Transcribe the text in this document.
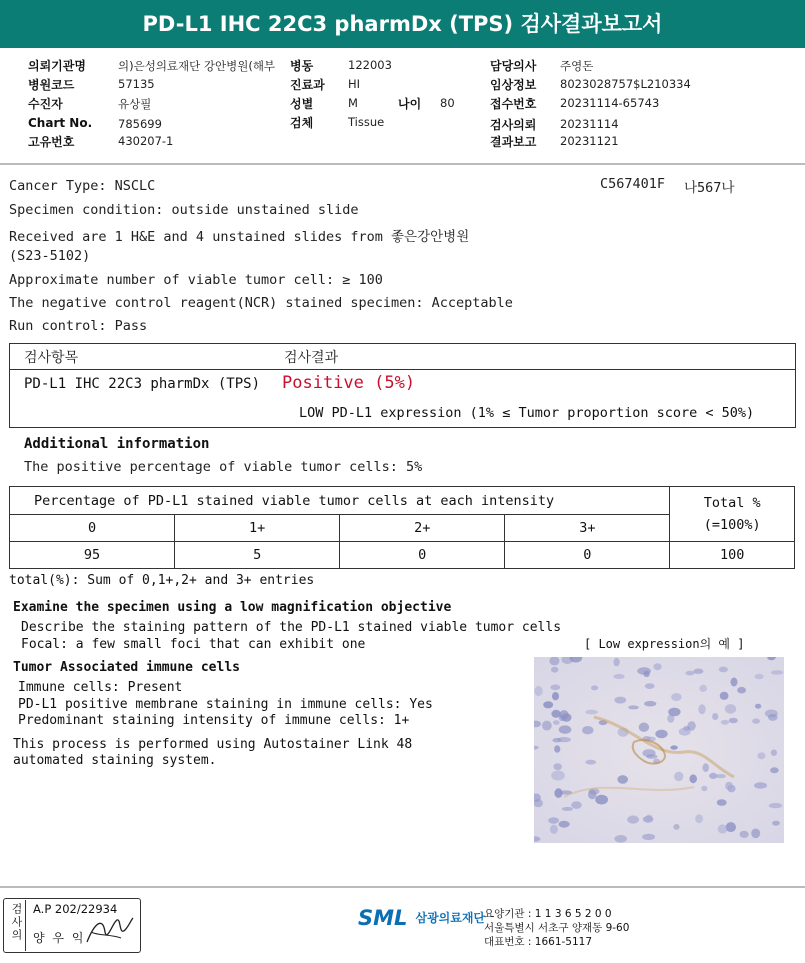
PD-L1 IHC 22C3 pharmDx (TPS) 검사결과보고서
의뢰기관명	의)은성의료재단 강안병원(해부
병원코드	57135
수진자	유상필
Chart No. 785699
고유번호	430207-1
병동	122003
진료과 HI
성별	M	나이 80
검체	Tissue
담당의사 주영돈
임상정보 8023028757$L210334
접수번호 20231114-65743
검사의뢰 20231114
결과보고 20231121
Cancer Type: NSCLC	C567401F 나567나
Specimen condition: outside unstained slide
Received are 1 H&E and 4 unstained slides from 좋은강안병원
(S23-5102)
Approximate number of viable tumor cell: ≥ 100
The negative control reagent(NCR) stained specimen: Acceptable
Run control: Pass
검사항목	검사결과
PD-L1 IHC 22C3 pharmDx (TPS) Positive (5%)
LOW PD-L1 expression (1% ≤ Tumor proportion score < 50%)
Additional information
The positive percentage of viable tumor cells: 5%
Percentage of PD-L1 stained viable tumor cells at each intensity				Total %
(=100%)

0	1+	2+	3+	
95	5	0	0	100
total(%): Sum of 0,1+,2+ and 3+ entries
Examine the specimen using a low magnification objective
Describe the staining pattern of the PD-L1 stained viable tumor cells
Focal: a few small foci that can exhibit one	[ Low expression의 예 ]
Tumor Associated immune cells
Immune cells: Present
PD-L1 positive membrane staining in immune cells: Yes
Predominant staining intensity of immune cells: 1+
This process is performed using Autostainer Link 48
automated staining system.
검사의 A.P 202/22934
양 우 익
SML 삼광의료재단
요양기관 : 1 1 3 6 5 2 0 0
서울특별시 서초구 양재동 9-60
대표번호 : 1661-5117
